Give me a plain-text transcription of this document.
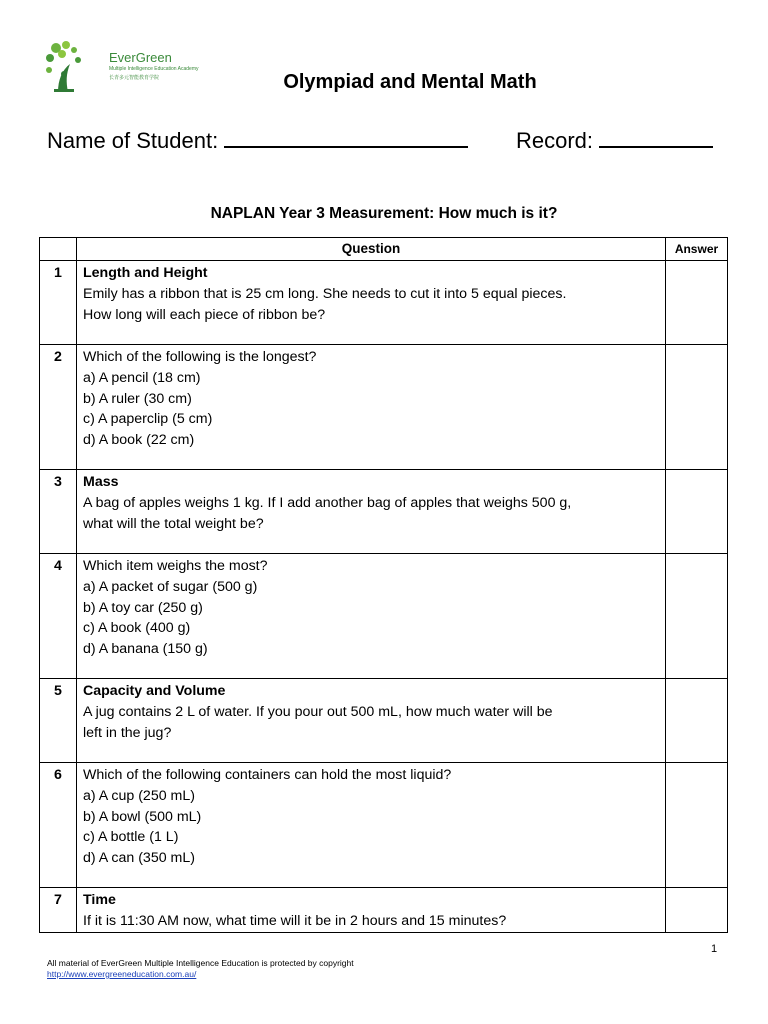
EverGreen
Multiple Intelligence Education Academy
长青多元智能教育学院	Olympiad and Mental Math
Name of Student:	Record:
NAPLAN Year 3 Measurement: How much is it?
	Question	Answer
1	Length and Height
Emily has a ribbon that is 25 cm long. She needs to cut it into 5 equal pieces.
How long will each piece of ribbon be?	

2	Which of the following is the longest?
a) A pencil (18 cm)
b) A ruler (30 cm)
c) A paperclip (5 cm)
d) A book (22 cm)	

3	Mass
A bag of apples weighs 1 kg. If I add another bag of apples that weighs 500 g,
what will the total weight be?	

4	Which item weighs the most?
a) A packet of sugar (500 g)
b) A toy car (250 g)
c) A book (400 g)
d) A banana (150 g)	

5	Capacity and Volume
A jug contains 2 L of water. If you pour out 500 mL, how much water will be
left in the jug?	

6	Which of the following containers can hold the most liquid?
a) A cup (250 mL)
b) A bowl (500 mL)
c) A bottle (1 L)
d) A can (350 mL)	

7	Time
If it is 11:30 AM now, what time will it be in 2 hours and 15 minutes?	

1
All material of EverGreen Multiple Intelligence Education is protected by copyright
http://www.evergreeneducation.com.au/
